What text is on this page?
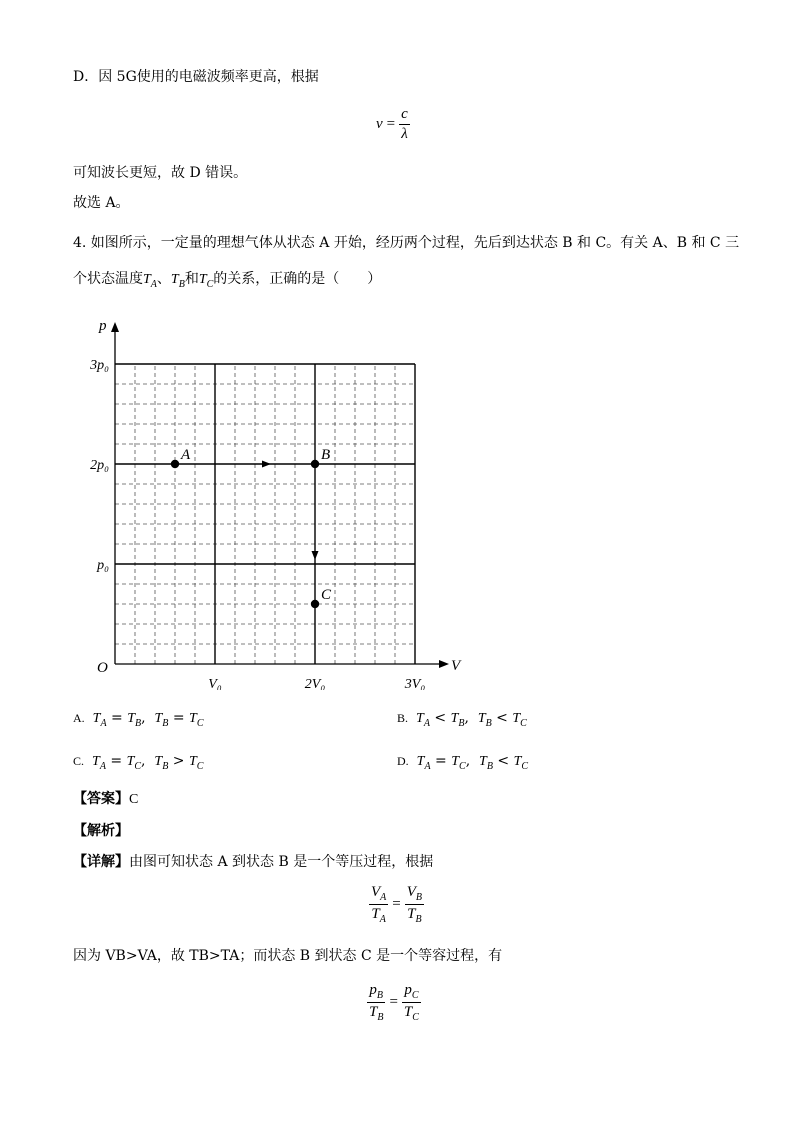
D．因 5G使用的电磁波频率更高，根据
$\nu = \frac{c}{\lambda}$
可知波长更短，故 D 错误。
故选 A。
4. 如图所示，一定量的理想气体从状态 A 开始，经历两个过程，先后到达状态 B 和 C。有关 A、B 和 C 三
个状态温度$T_A$、$T_B$和$T_C$的关系，正确的是（　　）
V
p
O
V₀	2V₀	3V₀
p₀
2p₀
3p₀
A	B
C
A. $T_A = T_B$,  $T_B = T_C$	B. $T_A < T_B$,  $T_B < T_C$
C. $T_A = T_C$,  $T_B > T_C$	D. $T_A = T_C$,  $T_B < T_C$
【答案】C
【解析】
【详解】由图可知状态 A 到状态 B 是一个等压过程，根据
$\frac{V_A}{T_A} = \frac{V_B}{T_B}$
因为 VB>VA，故 TB>TA；而状态 B 到状态 C 是一个等容过程，有
$\frac{p_B}{T_B} = \frac{p_C}{T_C}$
